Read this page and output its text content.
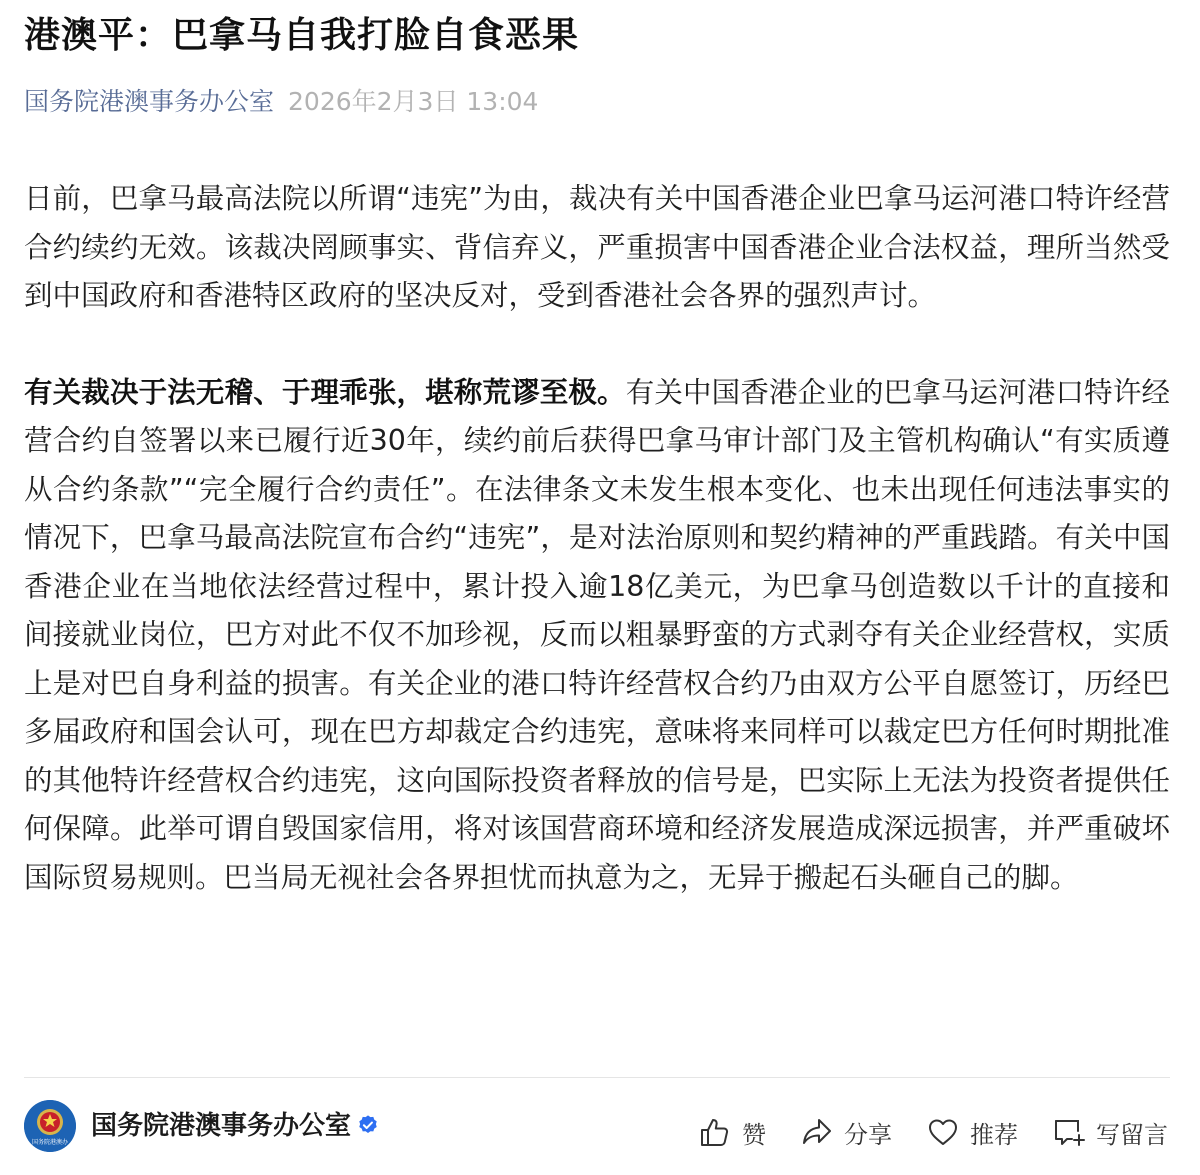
港澳平：巴拿马自我打脸自食恶果
国务院港澳事务办公室 2026年2月3日 13:04

日前，巴拿马最高法院以所谓“违宪”为由，裁决有关中国香港企业巴拿马运河港口特许经营合约续约无效。该裁决罔顾事实、背信弃义，严重损害中国香港企业合法权益，理所当然受到中国政府和香港特区政府的坚决反对，受到香港社会各界的强烈声讨。

有关裁决于法无稽、于理乖张，堪称荒谬至极。有关中国香港企业的巴拿马运河港口特许经营合约自签署以来已履行近30年，续约前后获得巴拿马审计部门及主管机构确认“有实质遵从合约条款”“完全履行合约责任”。在法律条文未发生根本变化、也未出现任何违法事实的情况下，巴拿马最高法院宣布合约“违宪”，是对法治原则和契约精神的严重践踏。有关中国香港企业在当地依法经营过程中，累计投入逾18亿美元，为巴拿马创造数以千计的直接和间接就业岗位，巴方对此不仅不加珍视，反而以粗暴野蛮的方式剥夺有关企业经营权，实质上是对巴自身利益的损害。有关企业的港口特许经营权合约乃由双方公平自愿签订，历经巴多届政府和国会认可，现在巴方却裁定合约违宪，意味将来同样可以裁定巴方任何时期批准的其他特许经营权合约违宪，这向国际投资者释放的信号是，巴实际上无法为投资者提供任何保障。此举可谓自毁国家信用，将对该国营商环境和经济发展造成深远损害，并严重破坏国际贸易规则。巴当局无视社会各界担忧而执意为之，无异于搬起石头砸自己的脚。

国务院港澳办
国务院港澳事务办公室	赞	分享	推荐	写留言
